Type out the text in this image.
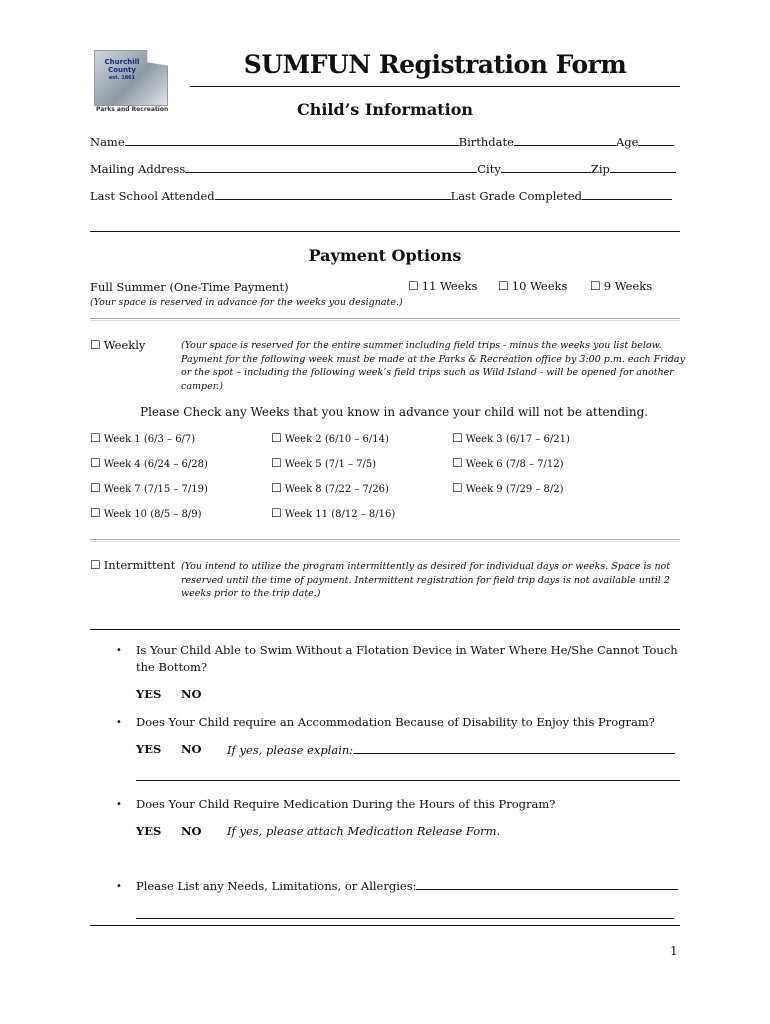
Churchill
County
est. 1861
Parks and Recreation
SUMFUN Registration Form
Child’s Information
Name	Birthdate	Age
Mailing Address	City	Zip
Last School Attended	Last Grade Completed
Payment Options
Full Summer (One-Time Payment)	☐ 11 Weeks ☐ 10 Weeks ☐ 9 Weeks
(Your space is reserved in advance for the weeks you designate.)
☐ Weekly	(Your space is reserved for the entire summer including field trips - minus the weeks you list below.
Payment for the following week must be made at the Parks & Recreation office by 3:00 p.m. each Friday
or the spot – including the following week’s field trips such as Wild Island - will be opened for another
camper.)
Please Check any Weeks that you know in advance your child will not be attending.
☐ Week 1 (6/3 – 6/7)	☐ Week 2 (6/10 – 6/14)	☐ Week 3 (6/17 – 6/21)
☐ Week 4 (6/24 – 6/28)	☐ Week 5 (7/1 – 7/5)	☐ Week 6 (7/8 – 7/12)
☐ Week 7 (7/15 – 7/19)	☐ Week 8 (7/22 – 7/26)	☐ Week 9 (7/29 – 8/2)
☐ Week 10 (8/5 – 8/9)	☐ Week 11 (8/12 – 8/16)
☐ Intermittent (You intend to utilize the program intermittently as desired for individual days or weeks. Space is not
reserved until the time of payment. Intermittent registration for field trip days is not available until 2
weeks prior to the trip date.)
• Is Your Child Able to Swim Without a Flotation Device in Water Where He/She Cannot Touch
the Bottom?
YES NO
• Does Your Child require an Accommodation Because of Disability to Enjoy this Program?
YES NO If yes, please explain:
• Does Your Child Require Medication During the Hours of this Program?
YES NO If yes, please attach Medication Release Form.
• Please List any Needs, Limitations, or Allergies:
1
